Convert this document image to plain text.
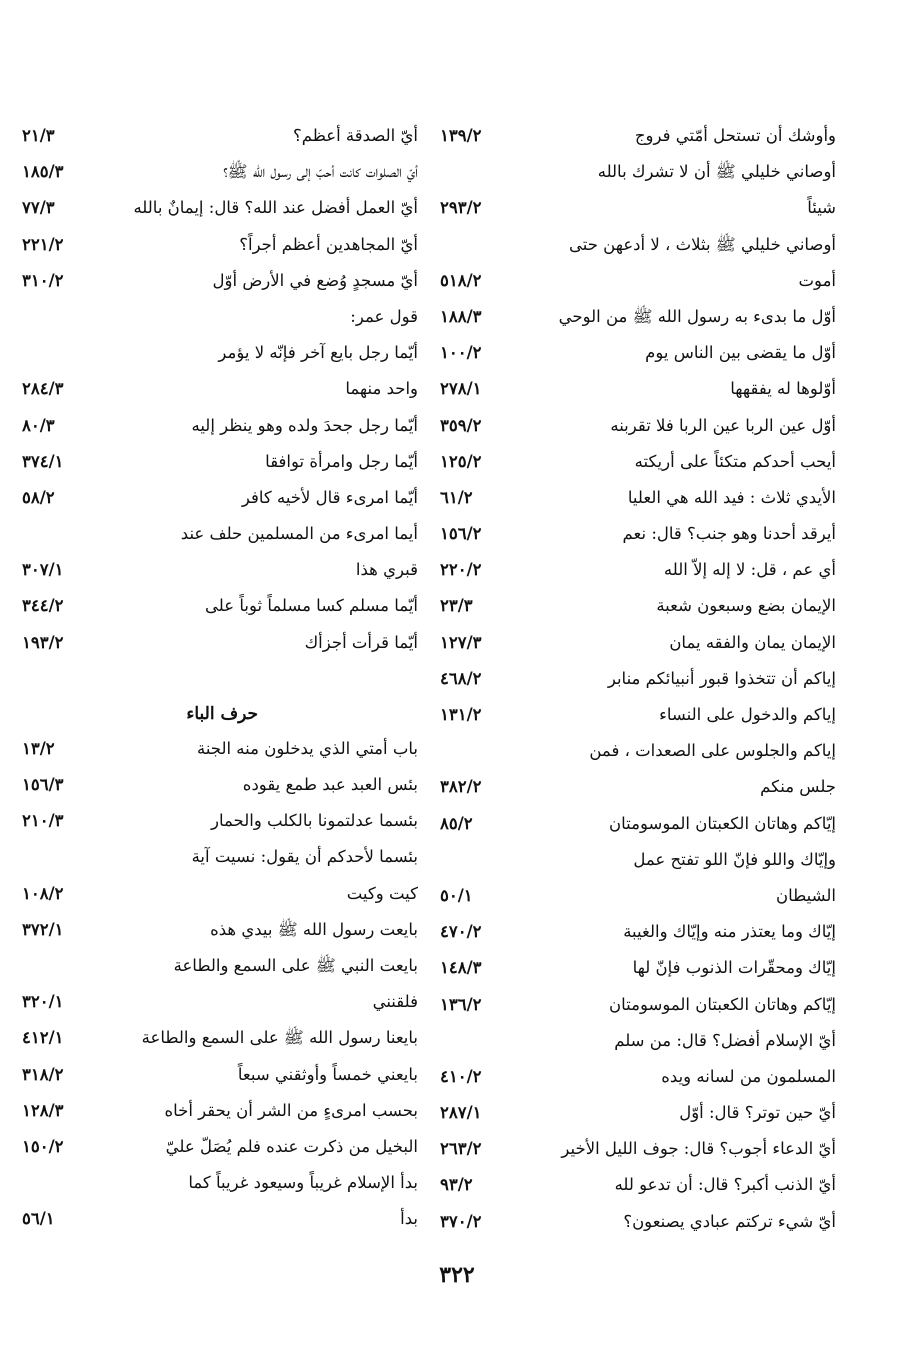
١٣٩/٢	وأوشك أن تستحل أمّتي فروج
أوصاني خليلي ﷺ أن لا تشرك بالله
٢٩٣/٢	شيئاً
أوصاني خليلي ﷺ بثلاث ، لا أدعهن حتى
٥١٨/٢	أموت
١٨٨/٣	أوّل ما بدىء به رسول الله ﷺ من الوحي
١٠٠/٢	أوّل ما يقضى بين الناس يوم
٢٧٨/١	أوّلوها له يفقهها
٣٥٩/٢	أوّل عين الربا عين الربا فلا تقربنه
١٢٥/٢	أيحب أحدكم متكئاً على أريكته
٦١/٢	الأيدي ثلاث : فيد الله هي العليا
١٥٦/٢	أيرقد أحدنا وهو جنب؟ قال: نعم
٢٢٠/٢	أي عم ، قل: لا إله إلاّ الله
٢٣/٣	الإيمان بضع وسبعون شعبة
١٢٧/٣	الإيمان يمان والفقه يمان
٤٦٨/٢	إياكم أن تتخذوا قبور أنبيائكم منابر
١٣١/٢	إياكم والدخول على النساء
إياكم والجلوس على الصعدات ، فمن
٣٨٢/٢	جلس منكم
٨٥/٢	إيّاكم وهاتان الكعبتان الموسومتان
وإيّاك واللو فإنّ اللو تفتح عمل
٥٠/١	الشيطان
٤٧٠/٢	إيّاك وما يعتذر منه وإيّاك والغيبة
١٤٨/٣	إيّاك ومحقّرات الذنوب فإنّ لها
١٣٦/٢	إيّاكم وهاتان الكعبتان الموسومتان
أيّ الإسلام أفضل؟ قال: من سلم
٤١٠/٢	المسلمون من لسانه ويده
٢٨٧/١	أيّ حين توتر؟ قال: أوّل
٢٦٣/٢	أيّ الدعاء أجوب؟ قال: جوف الليل الأخير
٩٣/٢	أيّ الذنب أكبر؟ قال: أن تدعو لله
٣٧٠/٢	أيّ شيء تركتم عبادي يصنعون؟
٢١/٣	أيّ الصدقة أعظم؟
١٨٥/٣	أيّ الصلوات كانت أحبّ إلى رسول الله ﷺ؟
٧٧/٣	أيّ العمل أفضل عند الله؟ قال: إيمانٌ بالله
٢٢١/٢	أيّ المجاهدين أعظم أجراً؟
٣١٠/٢	أيّ مسجدٍ وُضع في الأرض أوّل
قول عمر:
أيّما رجل بايع آخر فإنّه لا يؤمر
٢٨٤/٣	واحد منهما
٨٠/٣	أيّما رجل جحدَ ولده وهو ينظر إليه
٣٧٤/١	أيّما رجل وامرأة توافقا
٥٨/٢	أيّما امرىء قال لأخيه كافر
أيما امرىء من المسلمين حلف عند
٣٠٧/١	قبري هذا
٣٤٤/٢	أيّما مسلم كسا مسلماً ثوباً على
١٩٣/٢	أيّما قرأت أجزأك
حرف الباء
١٣/٢	باب أمتي الذي يدخلون منه الجنة
١٥٦/٣	بئس العبد عبد طمع يقوده
٢١٠/٣	بئسما عدلتمونا بالكلب والحمار
بئسما لأحدكم أن يقول: نسيت آية
١٠٨/٢	كيت وكيت
٣٧٢/١	بايعت رسول الله ﷺ بيدي هذه
بايعت النبي ﷺ على السمع والطاعة
٣٢٠/١	فلقنني
٤١٢/١	بايعنا رسول الله ﷺ على السمع والطاعة
٣١٨/٢	بايعني خمساً وأوثقني سبعاً
١٢٨/٣	بحسب امرىءٍ من الشر أن يحقر أخاه
١٥٠/٢	البخيل من ذكرت عنده فلم يُصَلّ عليّ
بدأ الإسلام غريباً وسيعود غريباً كما
٥٦/١	بدأ
٣٢٢
